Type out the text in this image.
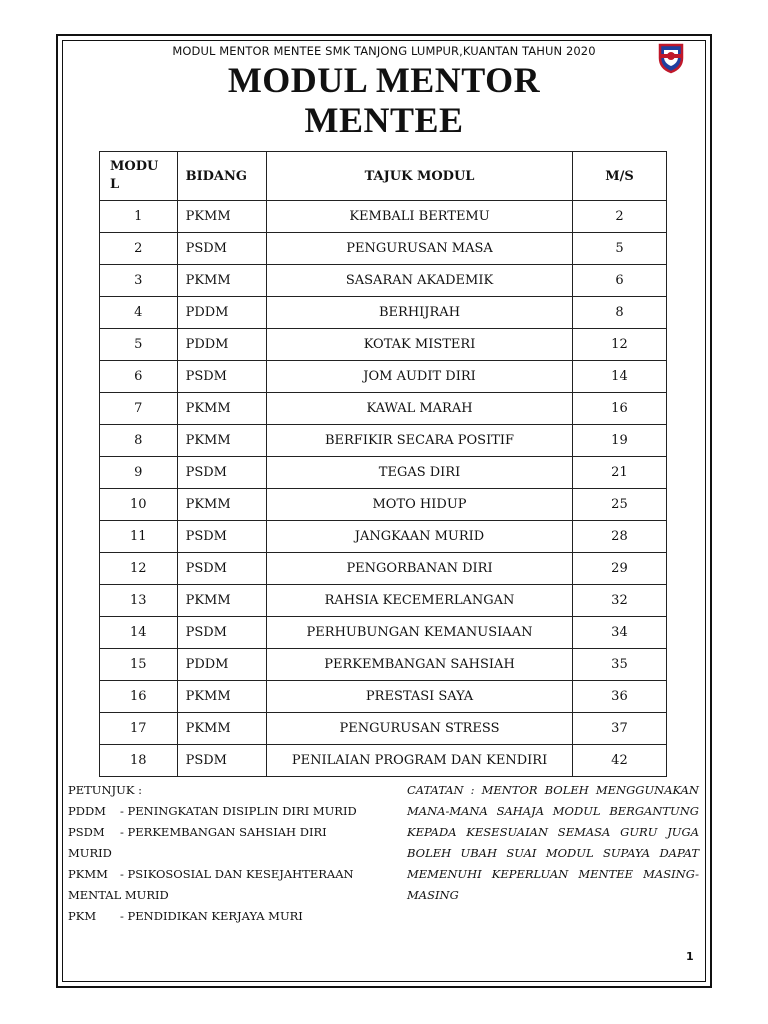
MODUL MENTOR MENTEE SMK TANJONG LUMPUR,KUANTAN TAHUN 2020
MODUL MENTOR
MENTEE
MODU
L	BIDANG	TAJUK MODUL	M/S
1	PKMM	KEMBALI BERTEMU	2
2	PSDM	PENGURUSAN MASA	5
3	PKMM	SASARAN AKADEMIK	6
4	PDDM	BERHIJRAH	8
5	PDDM	KOTAK MISTERI	12
6	PSDM	JOM AUDIT DIRI	14
7	PKMM	KAWAL MARAH	16
8	PKMM	BERFIKIR SECARA POSITIF	19
9	PSDM	TEGAS DIRI	21
10	PKMM	MOTO HIDUP	25
11	PSDM	JANGKAAN MURID	28
12	PSDM	PENGORBANAN DIRI	29
13	PKMM	RAHSIA KECEMERLANGAN	32
14	PSDM	PERHUBUNGAN KEMANUSIAAN	34
15	PDDM	PERKEMBANGAN SAHSIAH	35
16	PKMM	PRESTASI SAYA	36
17	PKMM	PENGURUSAN STRESS	37
18	PSDM	PENILAIAN PROGRAM DAN KENDIRI	42
PETUNJUK :
PDDM - PENINGKATAN DISIPLIN DIRI MURID
PSDM - PERKEMBANGAN SAHSIAH DIRI
MURID
PKMM - PSIKOSOSIAL DAN KESEJAHTERAAN
MENTAL MURID
PKM - PENDIDIKAN KERJAYA MURI
CATATAN : MENTOR BOLEH MENGGUNAKAN MANA-MANA SAHAJA MODUL BERGANTUNG KEPADA KESESUAIAN SEMASA GURU JUGA BOLEH UBAH SUAI MODUL SUPAYA DAPAT MEMENUHI KEPERLUAN MENTEE MASING-MASING
1
